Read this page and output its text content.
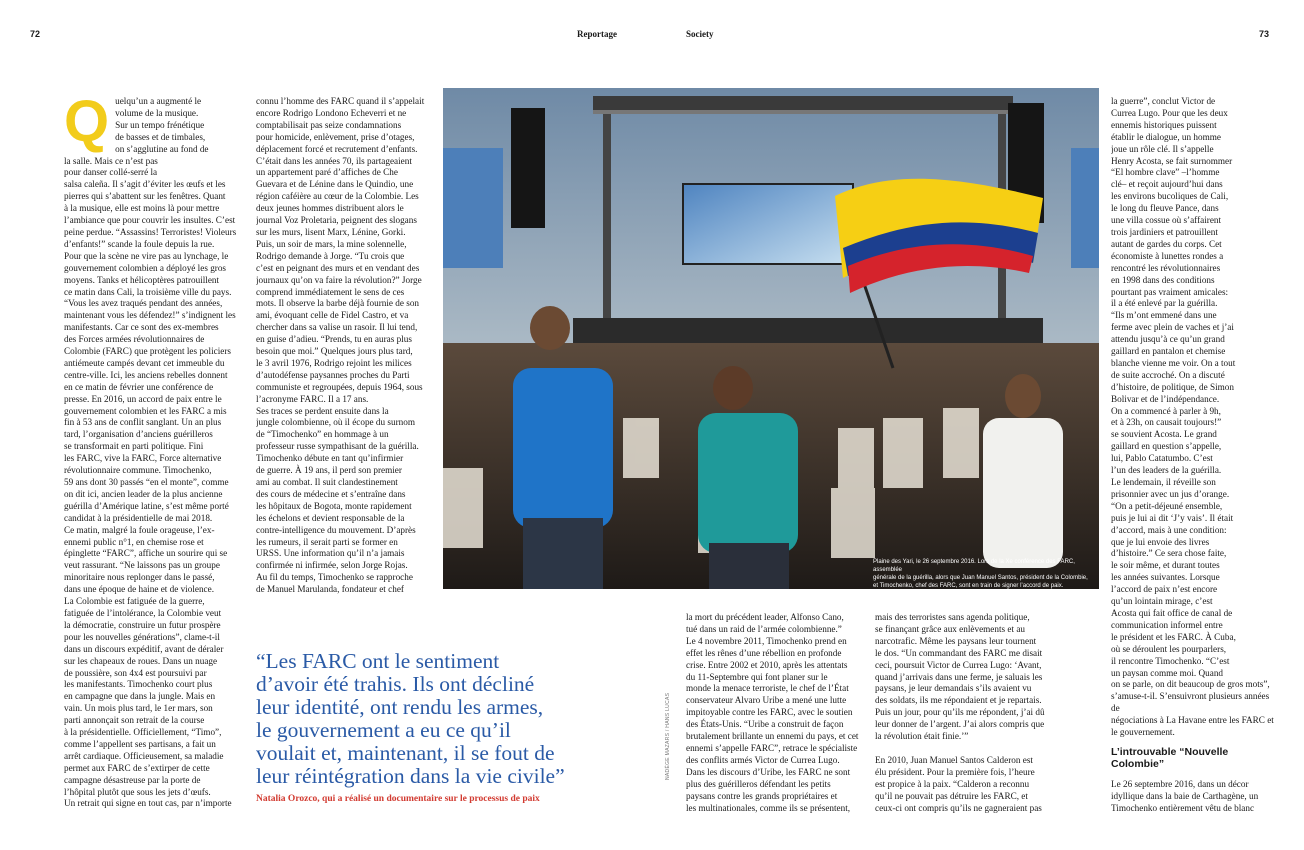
72	Reportage	Society	73
Q uelqu’un a augmenté le
volume de la musique.
Sur un tempo frénétique
de basses et de timbales,
on s’agglutine au fond de
la salle. Mais ce n’est pas
pour danser collé-serré la
salsa caleña. Il s’agit d’éviter les œufs et les
pierres qui s’abattent sur les fenêtres. Quant
à la musique, elle est moins là pour mettre
l’ambiance que pour couvrir les insultes. C’est
peine perdue. “Assassins! Terroristes! Violeurs
d’enfants!” scande la foule depuis la rue.
Pour que la scène ne vire pas au lynchage, le
gouvernement colombien a déployé les gros
moyens. Tanks et hélicoptères patrouillent
ce matin dans Cali, la troisième ville du pays.
“Vous les avez traqués pendant des années,
maintenant vous les défendez!” s’indignent les
manifestants. Car ce sont des ex-membres
des Forces armées révolutionnaires de
Colombie (FARC) que protègent les policiers
antiémeute campés devant cet immeuble du
centre-ville. Ici, les anciens rebelles donnent
en ce matin de février une conférence de
presse. En 2016, un accord de paix entre le
gouvernement colombien et les FARC a mis
fin à 53 ans de conflit sanglant. Un an plus
tard, l’organisation d’anciens guérilleros
se transformait en parti politique. Fini
les FARC, vive la FARC, Force alternative
révolutionnaire commune. Timochenko,
59 ans dont 30 passés “en el monte”, comme
on dit ici, ancien leader de la plus ancienne
guérilla d’Amérique latine, s’est même porté
candidat à la présidentielle de mai 2018.
Ce matin, malgré la foule orageuse, l’ex-
ennemi public n°1, en chemise rose et
épinglette “FARC”, affiche un sourire qui se
veut rassurant. “Ne laissons pas un groupe
minoritaire nous replonger dans le passé,
dans une époque de haine et de violence.
La Colombie est fatiguée de la guerre,
fatiguée de l’intolérance, la Colombie veut
la démocratie, construire un futur prospère
pour les nouvelles générations”, clame-t-il
dans un discours expéditif, avant de déraler
sur les chapeaux de roues. Dans un nuage
de poussière, son 4x4 est poursuivi par
les manifestants. Timochenko court plus
en campagne que dans la jungle. Mais en
vain. Un mois plus tard, le 1er mars, son
parti annonçait son retrait de la course
à la présidentielle. Officiellement, “Timo”,
comme l’appellent ses partisans, a fait un
arrêt cardiaque. Officieusement, sa maladie
permet aux FARC de s’extirper de cette
campagne désastreuse par la porte de
l’hôpital plutôt que sous les jets d’œufs.
Un retrait qui signe en tout cas, par n’importe
connu l’homme des FARC quand il s’appelait
encore Rodrigo Londono Echeverri et ne
comptabilisait pas seize condamnations
pour homicide, enlèvement, prise d’otages,
déplacement forcé et recrutement d’enfants.
C’était dans les années 70, ils partageaient
un appartement paré d’affiches de Che
Guevara et de Lénine dans le Quindio, une
région caféière au cœur de la Colombie. Les
deux jeunes hommes distribuent alors le
journal Voz Proletaria, peignent des slogans
sur les murs, lisent Marx, Lénine, Gorki.
Puis, un soir de mars, la mine solennelle,
Rodrigo demande à Jorge. “Tu crois que
c’est en peignant des murs et en vendant des
journaux qu’on va faire la révolution?” Jorge
comprend immédiatement le sens de ces
mots. Il observe la barbe déjà fournie de son
ami, évoquant celle de Fidel Castro, et va
chercher dans sa valise un rasoir. Il lui tend,
en guise d’adieu. “Prends, tu en auras plus
besoin que moi.” Quelques jours plus tard,
le 3 avril 1976, Rodrigo rejoint les milices
d’autodéfense paysannes proches du Parti
communiste et regroupées, depuis 1964, sous
l’acronyme FARC. Il a 17 ans.
Ses traces se perdent ensuite dans la
jungle colombienne, où il écope du surnom
de “Timochenko” en hommage à un
professeur russe sympathisant de la guérilla.
Timochenko débute en tant qu’infirmier
de guerre. À 19 ans, il perd son premier
ami au combat. Il suit clandestinement
des cours de médecine et s’entraîne dans
les hôpitaux de Bogota, monte rapidement
les échelons et devient responsable de la
contre-intelligence du mouvement. D’après
les rumeurs, il serait parti se former en
URSS. Une information qu’il n’a jamais
confirmée ni infirmée, selon Jorge Rojas.
Au fil du temps, Timochenko se rapproche
de Manuel Marulanda, fondateur et chef
Plaine des Yari, le 26 septembre 2016. Lors de la Xe conférence des FARC, assemblée
générale de la guérilla, alors que Juan Manuel Santos, président de la Colombie,
et Timochenko, chef des FARC, sont en train de signer l’accord de paix.
la guerre”, conclut Victor de
Currea Lugo. Pour que les deux
ennemis historiques puissent
établir le dialogue, un homme
joue un rôle clé. Il s’appelle
Henry Acosta, se fait surnommer
“El hombre clave” –l’homme
clé– et reçoit aujourd’hui dans
les environs bucoliques de Cali,
le long du fleuve Pance, dans
une villa cossue où s’affairent
trois jardiniers et patrouillent
autant de gardes du corps. Cet
économiste à lunettes rondes a
rencontré les révolutionnaires
en 1998 dans des conditions
pourtant pas vraiment amicales:
il a été enlevé par la guérilla.
“Ils m’ont emmené dans une
ferme avec plein de vaches et j’ai
attendu jusqu’à ce qu’un grand
gaillard en pantalon et chemise
blanche vienne me voir. On a tout
de suite accroché. On a discuté
d’histoire, de politique, de Simon
Bolivar et de l’indépendance.
On a commencé à parler à 9h,
et à 23h, on causait toujours!”
se souvient Acosta. Le grand
gaillard en question s’appelle,
lui, Pablo Catatumbo. C’est
l’un des leaders de la guérilla.
Le lendemain, il réveille son
prisonnier avec un jus d’orange.
“On a petit-déjeuné ensemble,
puis je lui ai dit ‘J’y vais’. Il était
d’accord, mais à une condition:
que je lui envoie des livres
d’histoire.” Ce sera chose faite,
le soir même, et durant toutes
les années suivantes. Lorsque
l’accord de paix n’est encore
qu’un lointain mirage, c’est
Acosta qui fait office de canal de
communication informel entre
le président et les FARC. À Cuba,
où se déroulent les pourparlers,
il rencontre Timochenko. “C’est
un paysan comme moi. Quand
on se parle, on dit beaucoup de gros mots”,
s’amuse-t-il. S’ensuivront plusieurs années de
négociations à La Havane entre les FARC et
le gouvernement.
L’introuvable “Nouvelle Colombie”
Le 26 septembre 2016, dans un décor
idyllique dans la baie de Carthagène, un
Timochenko entièrement vêtu de blanc
“Les FARC ont le sentiment
d’avoir été trahis. Ils ont décliné
leur identité, ont rendu les armes,
le gouvernement a eu ce qu’il
voulait et, maintenant, il se fout de
leur réintégration dans la vie civile”
Natalia Orozco, qui a réalisé un documentaire sur le processus de paix
NADÈGE MAZARS / HANS LUCAS
la mort du précédent leader, Alfonso Cano,
tué dans un raid de l’armée colombienne.”
Le 4 novembre 2011, Timochenko prend en
effet les rênes d’une rébellion en profonde
crise. Entre 2002 et 2010, après les attentats
du 11-Septembre qui font planer sur le
monde la menace terroriste, le chef de l’État
conservateur Alvaro Uribe a mené une lutte
impitoyable contre les FARC, avec le soutien
des États-Unis. “Uribe a construit de façon
brutalement brillante un ennemi du pays, et cet
ennemi s’appelle FARC”, retrace le spécialiste
des conflits armés Victor de Currea Lugo.
Dans les discours d’Uribe, les FARC ne sont
plus des guérilleros défendant les petits
paysans contre les grands propriétaires et
les multinationales, comme ils se présentent,
mais des terroristes sans agenda politique,
se finançant grâce aux enlèvements et au
narcotrafic. Même les paysans leur tournent
le dos. “Un commandant des FARC me disait
ceci, poursuit Victor de Currea Lugo: ‘Avant,
quand j’arrivais dans une ferme, je saluais les
paysans, je leur demandais s’ils avaient vu
des soldats, ils me répondaient et je repartais.
Puis un jour, pour qu’ils me répondent, j’ai dû
leur donner de l’argent. J’ai alors compris que
la révolution était finie.’”

En 2010, Juan Manuel Santos Calderon est
élu président. Pour la première fois, l’heure
est propice à la paix. “Calderon a reconnu
qu’il ne pouvait pas détruire les FARC, et
ceux-ci ont compris qu’ils ne gagneraient pas
